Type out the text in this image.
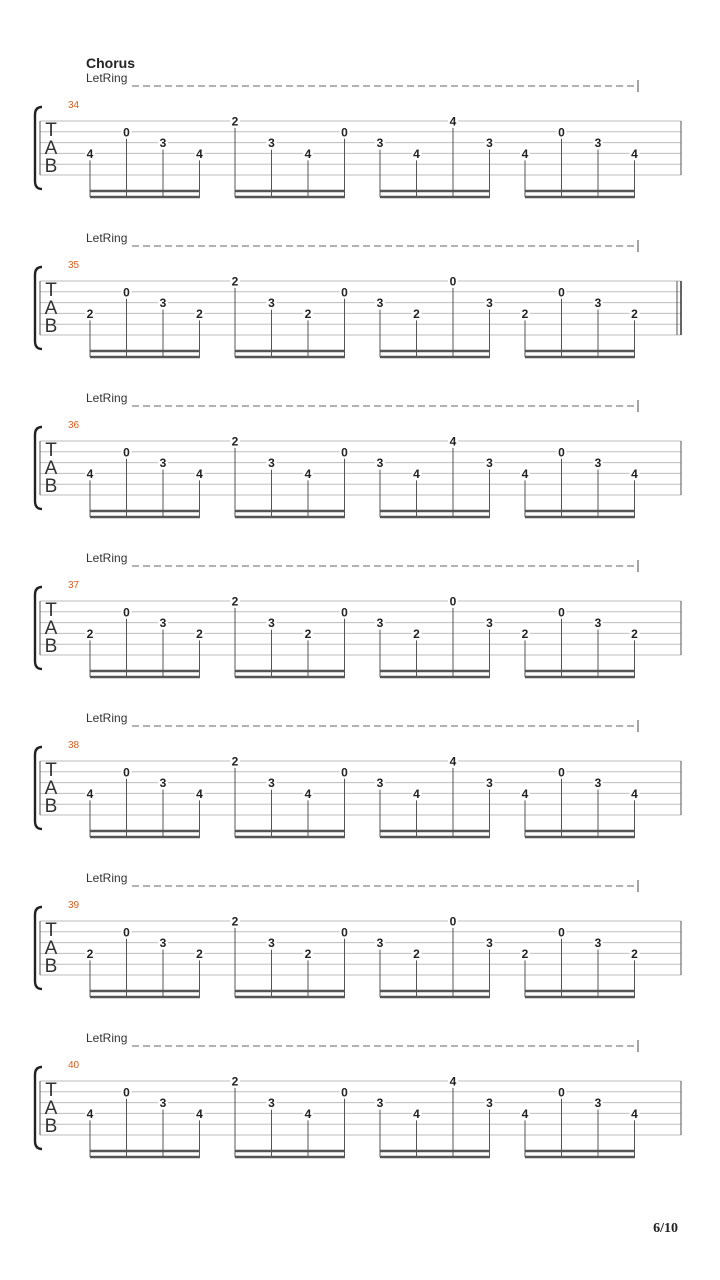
Chorus
LetRing
T
A
B
34
4
0
3
4
2
3
4
0
3
4
4
3
4
0
3
4
LetRing
T
A
B
35
2
0
3
2
2
3
2
0
3
2
0
3
2
0
3
2
LetRing
T
A
B
36
4
0
3
4
2
3
4
0
3
4
4
3
4
0
3
4
LetRing
T
A
B
37
2
0
3
2
2
3
2
0
3
2
0
3
2
0
3
2
LetRing
T
A
B
38
4
0
3
4
2
3
4
0
3
4
4
3
4
0
3
4
LetRing
T
A
B
39
2
0
3
2
2
3
2
0
3
2
0
3
2
0
3
2
LetRing
T
A
B
40
4
0
3
4
2
3
4
0
3
4
4
3
4
0
3
4
6/10
